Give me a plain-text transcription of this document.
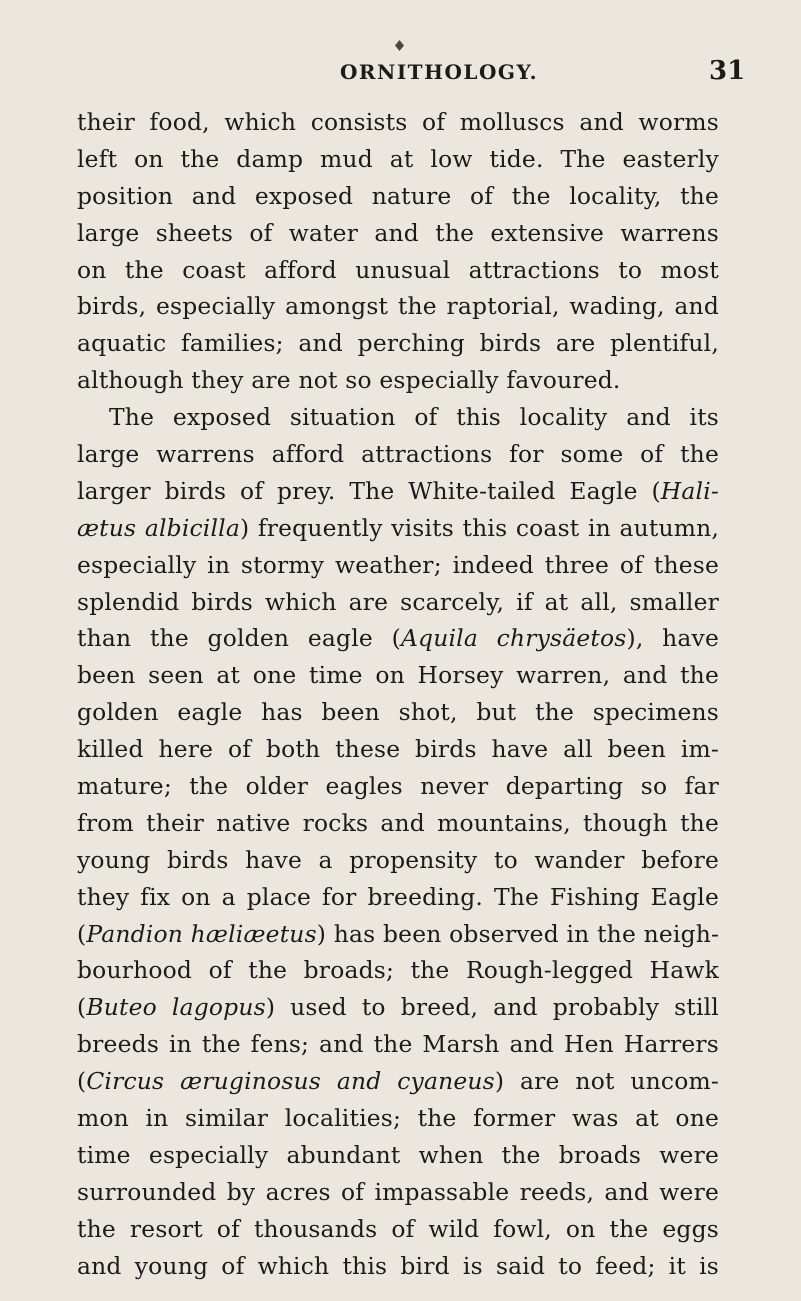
ORNITHOLOGY.	31
their food, which consists of molluscs and worms
left on the damp mud at low tide. The easterly
position and exposed nature of the locality, the
large sheets of water and the extensive warrens
on the coast afford unusual attractions to most
birds, especially amongst the raptorial, wading, and
aquatic families; and perching birds are plentiful,
although they are not so especially favoured.
The exposed situation of this locality and its
large warrens afford attractions for some of the
larger birds of prey. The White-tailed Eagle (Hali-
ætus albicilla) frequently visits this coast in autumn,
especially in stormy weather; indeed three of these
splendid birds which are scarcely, if at all, smaller
than the golden eagle (Aquila chrysäetos), have
been seen at one time on Horsey warren, and the
golden eagle has been shot, but the specimens
killed here of both these birds have all been im-
mature; the older eagles never departing so far
from their native rocks and mountains, though the
young birds have a propensity to wander before
they fix on a place for breeding. The Fishing Eagle
(Pandion hæliæetus) has been observed in the neigh-
bourhood of the broads; the Rough-legged Hawk
(Buteo lagopus) used to breed, and probably still
breeds in the fens; and the Marsh and Hen Harrers
(Circus æruginosus and cyaneus) are not uncom-
mon in similar localities; the former was at one
time especially abundant when the broads were
surrounded by acres of impassable reeds, and were
the resort of thousands of wild fowl, on the eggs
and young of which this bird is said to feed; it is
